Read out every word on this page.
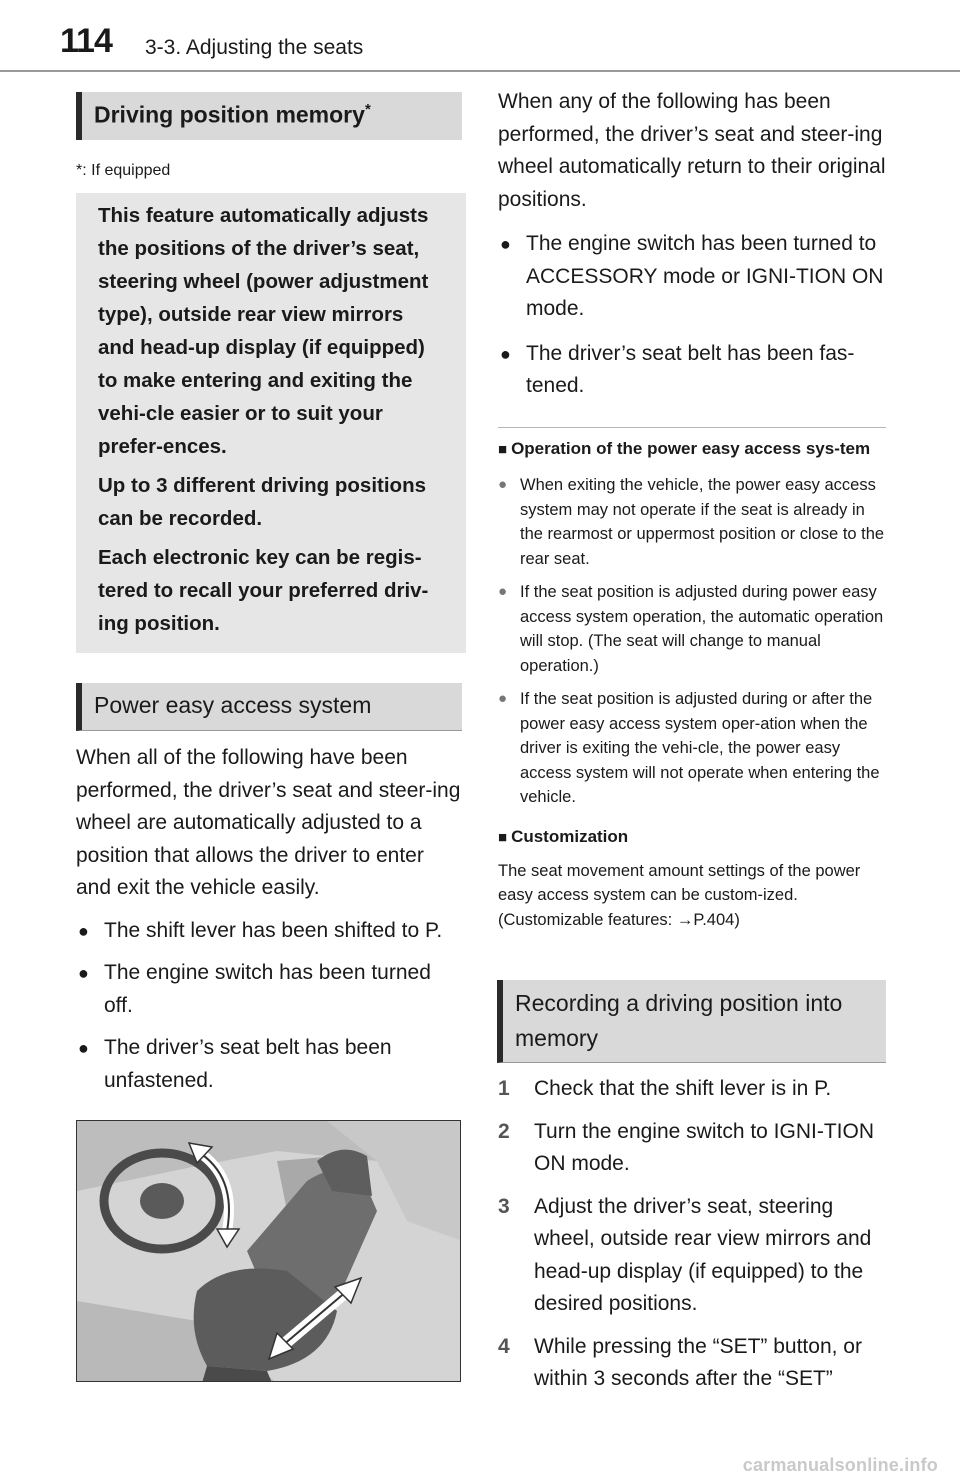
114 3-3. Adjusting the seats
Driving position memory*
*: If equipped

This feature automatically adjusts the positions of the driver’s seat, steering wheel (power adjustment type), outside rear view mirrors and head-up display (if equipped) to make entering and exiting the vehi-cle easier or to suit your prefer-ences.

Up to 3 different driving positions can be recorded.

Each electronic key can be regis-tered to recall your preferred driv-ing position.

Power easy access system

When all of the following have been performed, the driver’s seat and steer-ing wheel are automatically adjusted to a position that allows the driver to enter and exit the vehicle easily.

● The shift lever has been shifted to P.
● The engine switch has been turned off.
● The driver’s seat belt has been unfastened.

When any of the following has been performed, the driver’s seat and steer-ing wheel automatically return to their original positions.

● The engine switch has been turned to ACCESSORY mode or IGNI-TION ON mode.
● The driver’s seat belt has been fas-tened.
■ Operation of the power easy access sys-tem
● When exiting the vehicle, the power easy access system may not operate if the seat is already in the rearmost or uppermost position or close to the rear seat.
● If the seat position is adjusted during power easy access system operation, the automatic operation will stop. (The seat will change to manual operation.)
● If the seat position is adjusted during or after the power easy access system oper-ation when the driver is exiting the vehi-cle, the power easy access system will not operate when entering the vehicle.
■ Customization

The seat movement amount settings of the power easy access system can be custom-ized. (Customizable features: →P.404)

Recording a driving position into memory
1 Check that the shift lever is in P.
2 Turn the engine switch to IGNI-TION ON mode.
3 Adjust the driver’s seat, steering wheel, outside rear view mirrors and head-up display (if equipped) to the desired positions.
4 While pressing the “SET” button, or within 3 seconds after the “SET”
carmanualsonline.info
